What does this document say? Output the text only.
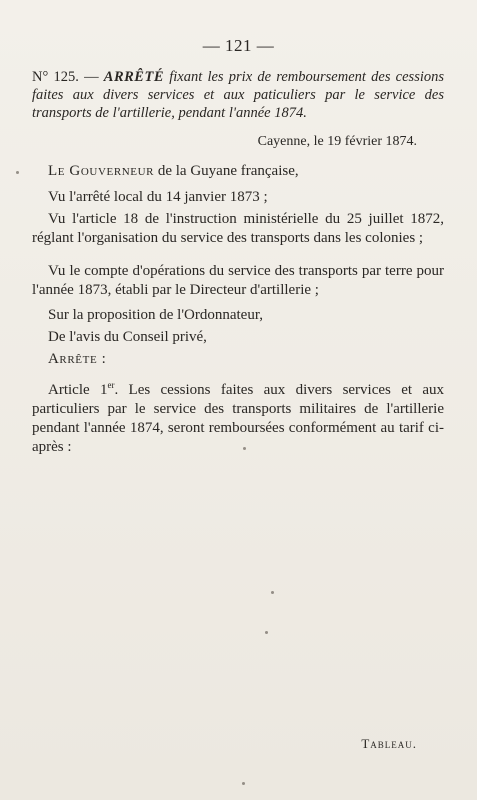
— 121 —
N° 125. — ARRÊTÉ fixant les prix de remboursement des cessions faites aux divers services et aux paticuliers par le service des transports de l'artillerie, pendant l'année 1874.
Cayenne, le 19 février 1874.
Le Gouverneur de la Guyane française,
Vu l'arrêté local du 14 janvier 1873 ;
Vu l'article 18 de l'instruction ministérielle du 25 juillet 1872, réglant l'organisation du service des transports dans les colonies ;
Vu le compte d'opérations du service des transports par terre pour l'année 1873, établi par le Directeur d'artillerie ;
Sur la proposition de l'Ordonnateur,
De l'avis du Conseil privé,
Arrête :
Article 1er. Les cessions faites aux divers services et aux particuliers par le service des transports militaires de l'artillerie pendant l'année 1874, seront remboursées conformément au tarif ci-après :
Tableau.
